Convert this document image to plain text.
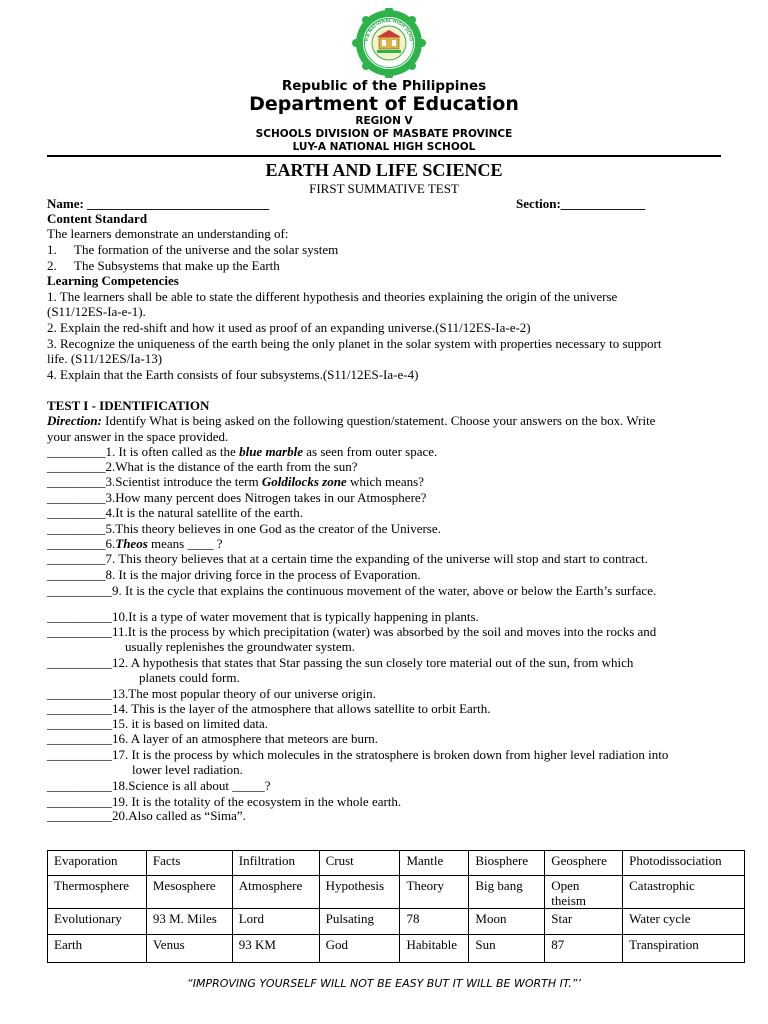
Y-A NATIONAL HIGH SCHO
Republic of the Philippines
Department of Education
REGION V
SCHOOLS DIVISION OF MASBATE PROVINCE
LUY-A NATIONAL HIGH SCHOOL
EARTH AND LIFE SCIENCE
FIRST SUMMATIVE TEST
Name: ____________________________	Section:_____________
Content Standard
The learners demonstrate an understanding of:
1. The formation of the universe and the solar system
2. The Subsystems that make up the Earth
Learning Competencies
1. The learners shall be able to state the different hypothesis and theories explaining the origin of the universe
(S11/12ES-Ia-e-1).
2. Explain the red-shift and how it used as proof of an expanding universe.(S11/12ES-Ia-e-2)
3. Recognize the uniqueness of the earth being the only planet in the solar system with properties necessary to support
life. (S11/12ES/Ia-13)
4. Explain that the Earth consists of four subsystems.(S11/12ES-Ia-e-4)
TEST I - IDENTIFICATION
Direction: Identify What is being asked on the following question/statement. Choose your answers on the box. Write
your answer in the space provided.
_________1. It is often called as the blue marble as seen from outer space.
_________2.What is the distance of the earth from the sun?
_________3.Scientist introduce the term Goldilocks zone which means?
_________3.How many percent does Nitrogen takes in our Atmosphere?
_________4.It is the natural satellite of the earth.
_________5.This theory believes in one God as the creator of the Universe.
_________6.Theos means ____ ?
_________7. This theory believes that at a certain time the expanding of the universe will stop and start to contract.
_________8. It is the major driving force in the process of Evaporation.
__________9. It is the cycle that explains the continuous movement of the water, above or below the Earth’s surface.
__________10.It is a type of water movement that is typically happening in plants.
__________11.It is the process by which precipitation (water) was absorbed by the soil and moves into the rocks and
usually replenishes the groundwater system.
__________12. A hypothesis that states that Star passing the sun closely tore material out of the sun, from which
planets could form.
__________13.The most popular theory of our universe origin.
__________14. This is the layer of the atmosphere that allows satellite to orbit Earth.
__________15. it is based on limited data.
__________16. A layer of an atmosphere that meteors are burn.
__________17. It is the process by which molecules in the stratosphere is broken down from higher level radiation into
lower level radiation.
__________18.Science is all about _____?
__________19. It is the totality of the ecosystem in the whole earth.
__________20.Also called as “Sima”.
Evaporation	Facts	Infiltration	Crust	Mantle	Biosphere	Geosphere	Photodissociation
Thermosphere	Mesosphere	Atmosphere	Hypothesis	Theory	Big bang	Open theism	Catastrophic
Evolutionary	93 M. Miles	Lord	Pulsating	78	Moon	Star	Water cycle
Earth	Venus	93 KM	God	Habitable	Sun	87	Transpiration
“IMPROVING YOURSELF WILL NOT BE EASY BUT IT WILL BE WORTH IT.”’
